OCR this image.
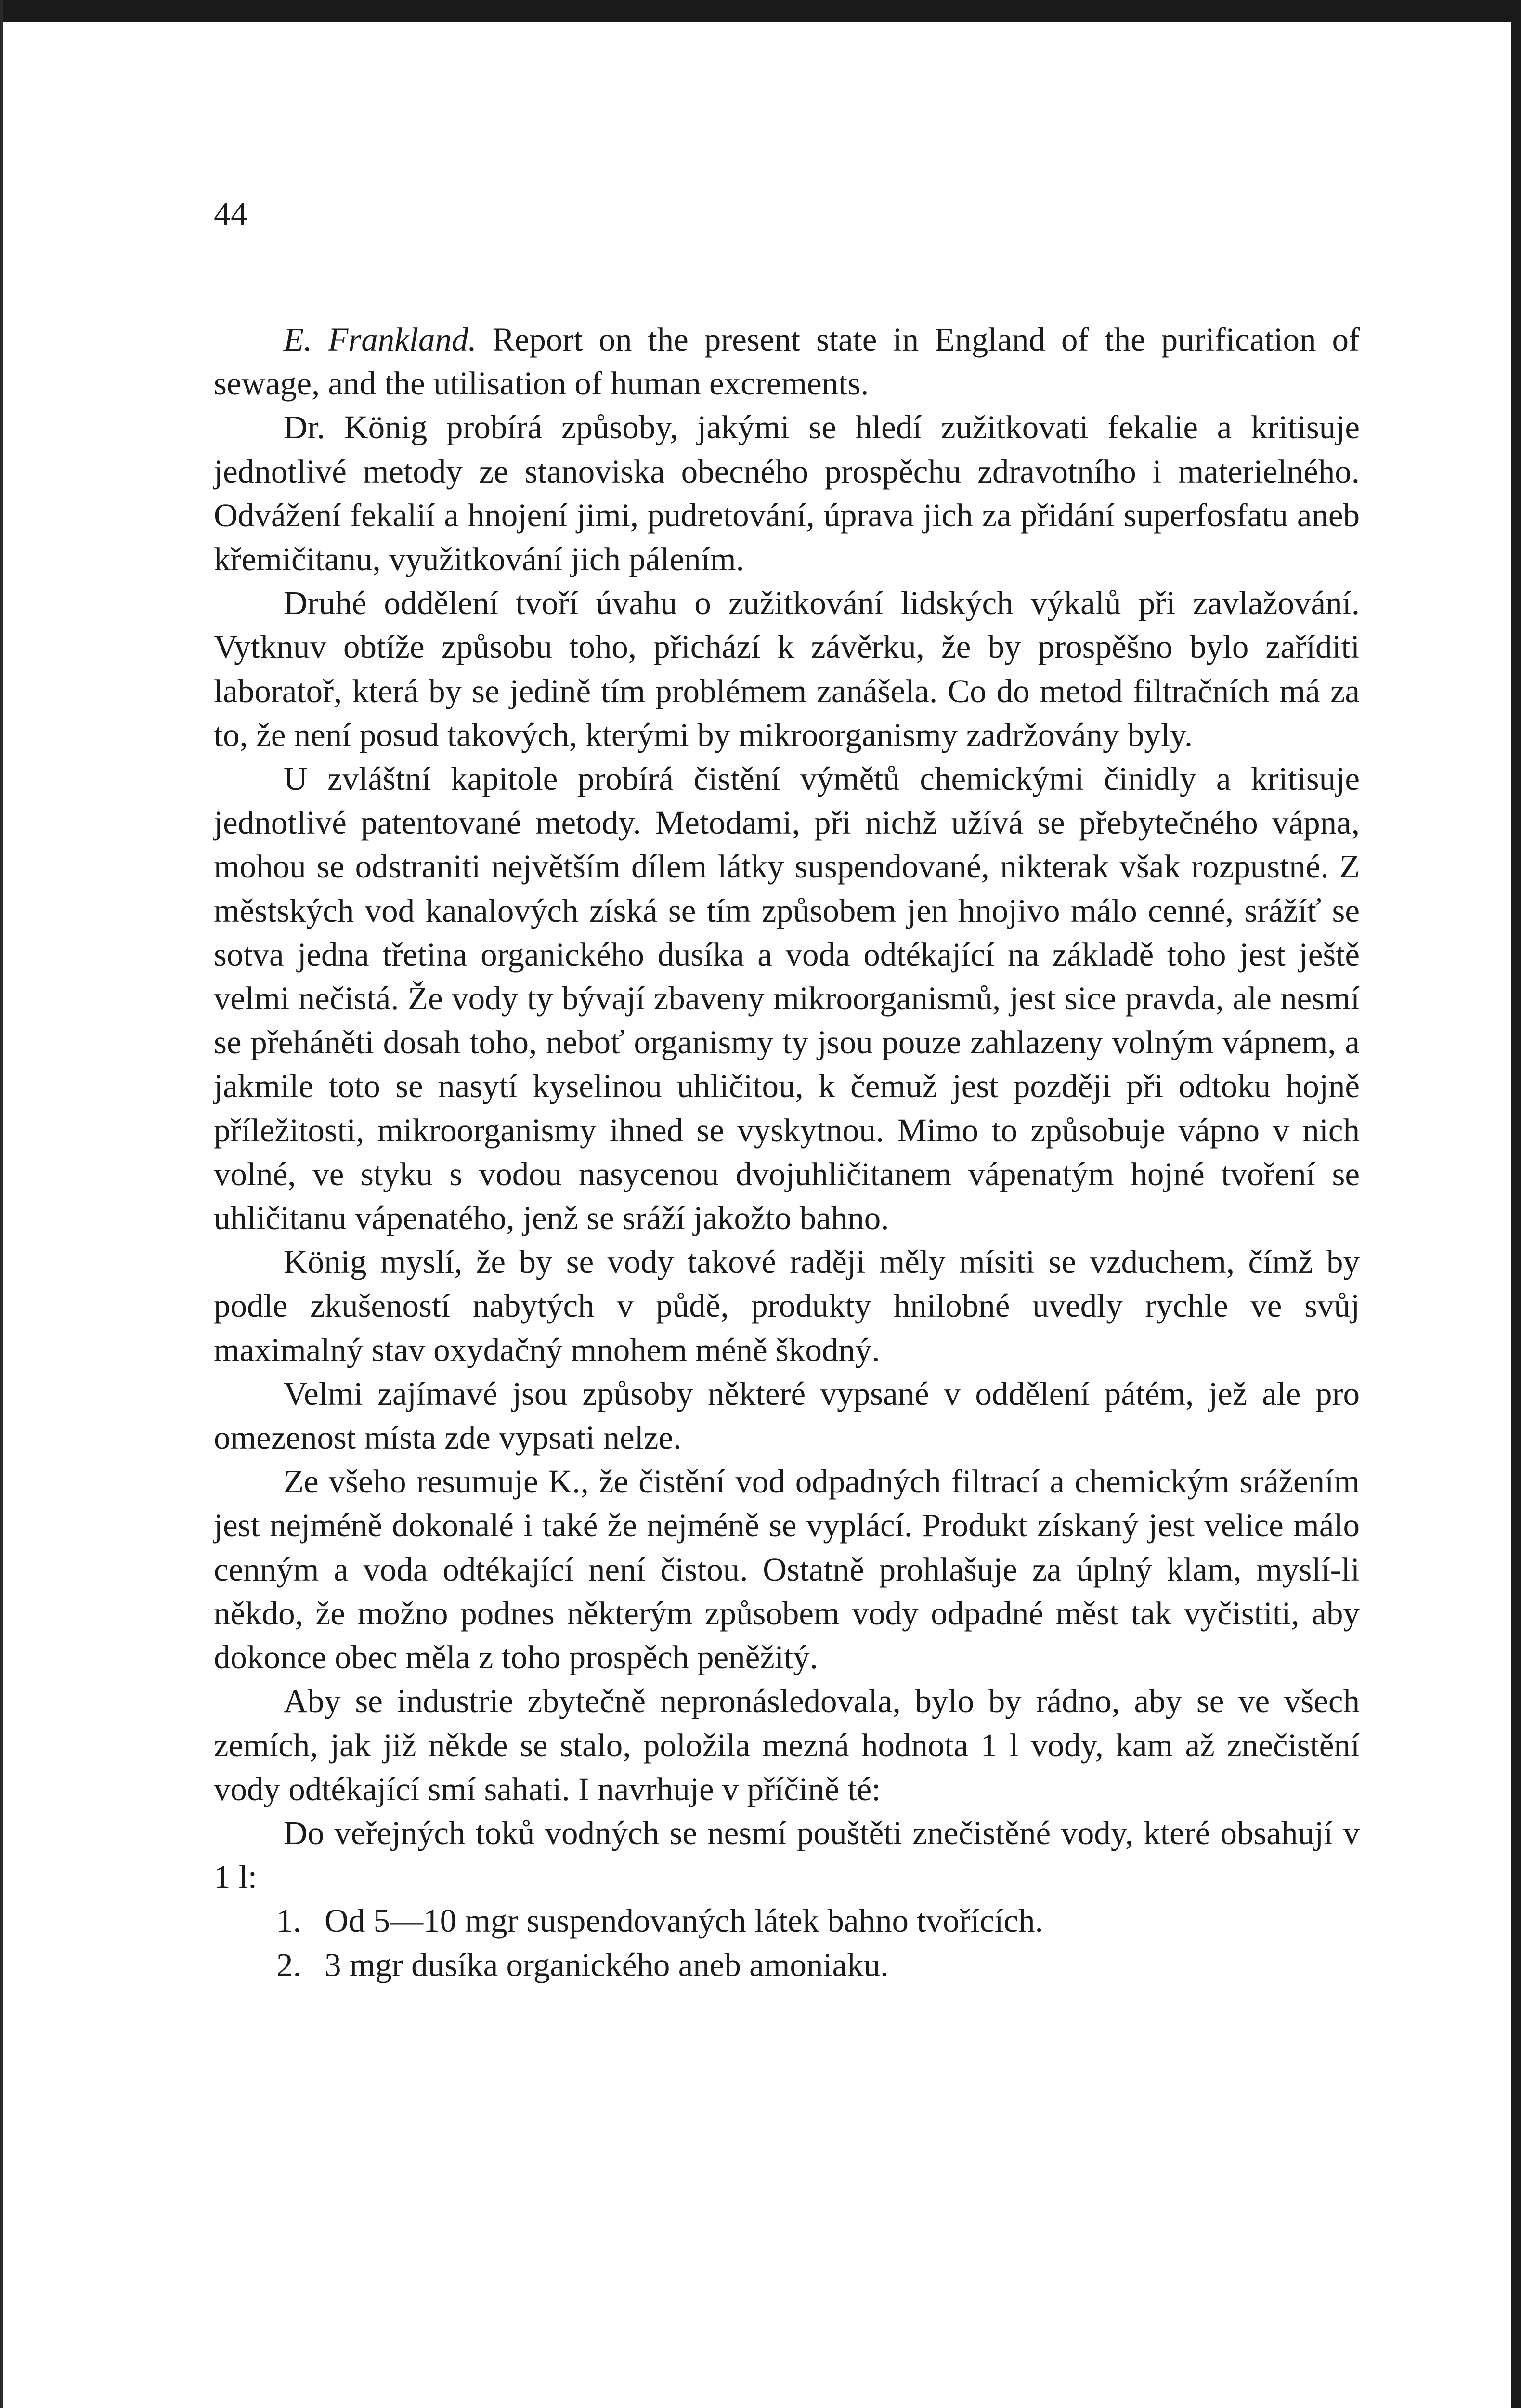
44

E. Frankland. Report on the present state in England of the purification of sewage, and the utilisation of human excrements.

Dr. König probírá způsoby, jakými se hledí zužitkovati fekalie a kritisuje jednotlivé metody ze stanoviska obecného prospěchu zdravotního i materielného. Odvážení fekalií a hnojení jimi, pudretování, úprava jich za přidání superfosfatu aneb křemičitanu, využitkování jich pálením.

Druhé oddělení tvoří úvahu o zužitkování lidských výkalů při zavlažování. Vytknuv obtíže způsobu toho, přichází k závěrku, že by prospěšno bylo zaříditi laboratoř, která by se jedině tím problémem zanášela. Co do metod filtračních má za to, že není posud takových, kterými by mikroorganismy zadržovány byly.

U zvláštní kapitole probírá čistění výmětů chemickými činidly a kritisuje jednotlivé patentované metody. Metodami, při nichž užívá se přebytečného vápna, mohou se odstraniti největším dílem látky suspendované, nikterak však rozpustné. Z městských vod kanalových získá se tím způsobem jen hnojivo málo cenné, srážíť se sotva jedna třetina organického dusíka a voda odtékající na základě toho jest ještě velmi nečistá. Že vody ty bývají zbaveny mikroorganismů, jest sice pravda, ale nesmí se přeháněti dosah toho, neboť organismy ty jsou pouze zahlazeny volným vápnem, a jakmile toto se nasytí kyselinou uhličitou, k čemuž jest později při odtoku hojně příležitosti, mikroorganismy ihned se vyskytnou. Mimo to způsobuje vápno v nich volné, ve styku s vodou nasycenou dvojuhličitanem vápenatým hojné tvoření se uhličitanu vápenatého, jenž se sráží jakožto bahno.

König myslí, že by se vody takové raději měly mísiti se vzduchem, čímž by podle zkušeností nabytých v půdě, produkty hnilobné uvedly rychle ve svůj maximalný stav oxydačný mnohem méně škodný.

Velmi zajímavé jsou způsoby některé vypsané v oddělení pátém, jež ale pro omezenost místa zde vypsati nelze.

Ze všeho resumuje K., že čistění vod odpadných filtrací a chemickým srážením jest nejméně dokonalé i také že nejméně se vyplácí. Produkt získaný jest velice málo cenným a voda odtékající není čistou. Ostatně prohlašuje za úplný klam, myslí-li někdo, že možno podnes některým způsobem vody odpadné měst tak vyčistiti, aby dokonce obec měla z toho prospěch peněžitý.

Aby se industrie zbytečně nepronásledovala, bylo by rádno, aby se ve všech zemích, jak již někde se stalo, položila mezná hodnota 1 l vody, kam až znečistění vody odtékající smí sahati. I navrhuje v příčině té:

Do veřejných toků vodných se nesmí pouštěti znečistěné vody, které obsahují v 1 l:

1. Od 5—10 mgr suspendovaných látek bahno tvořících.
2. 3 mgr dusíka organického aneb amoniaku.
